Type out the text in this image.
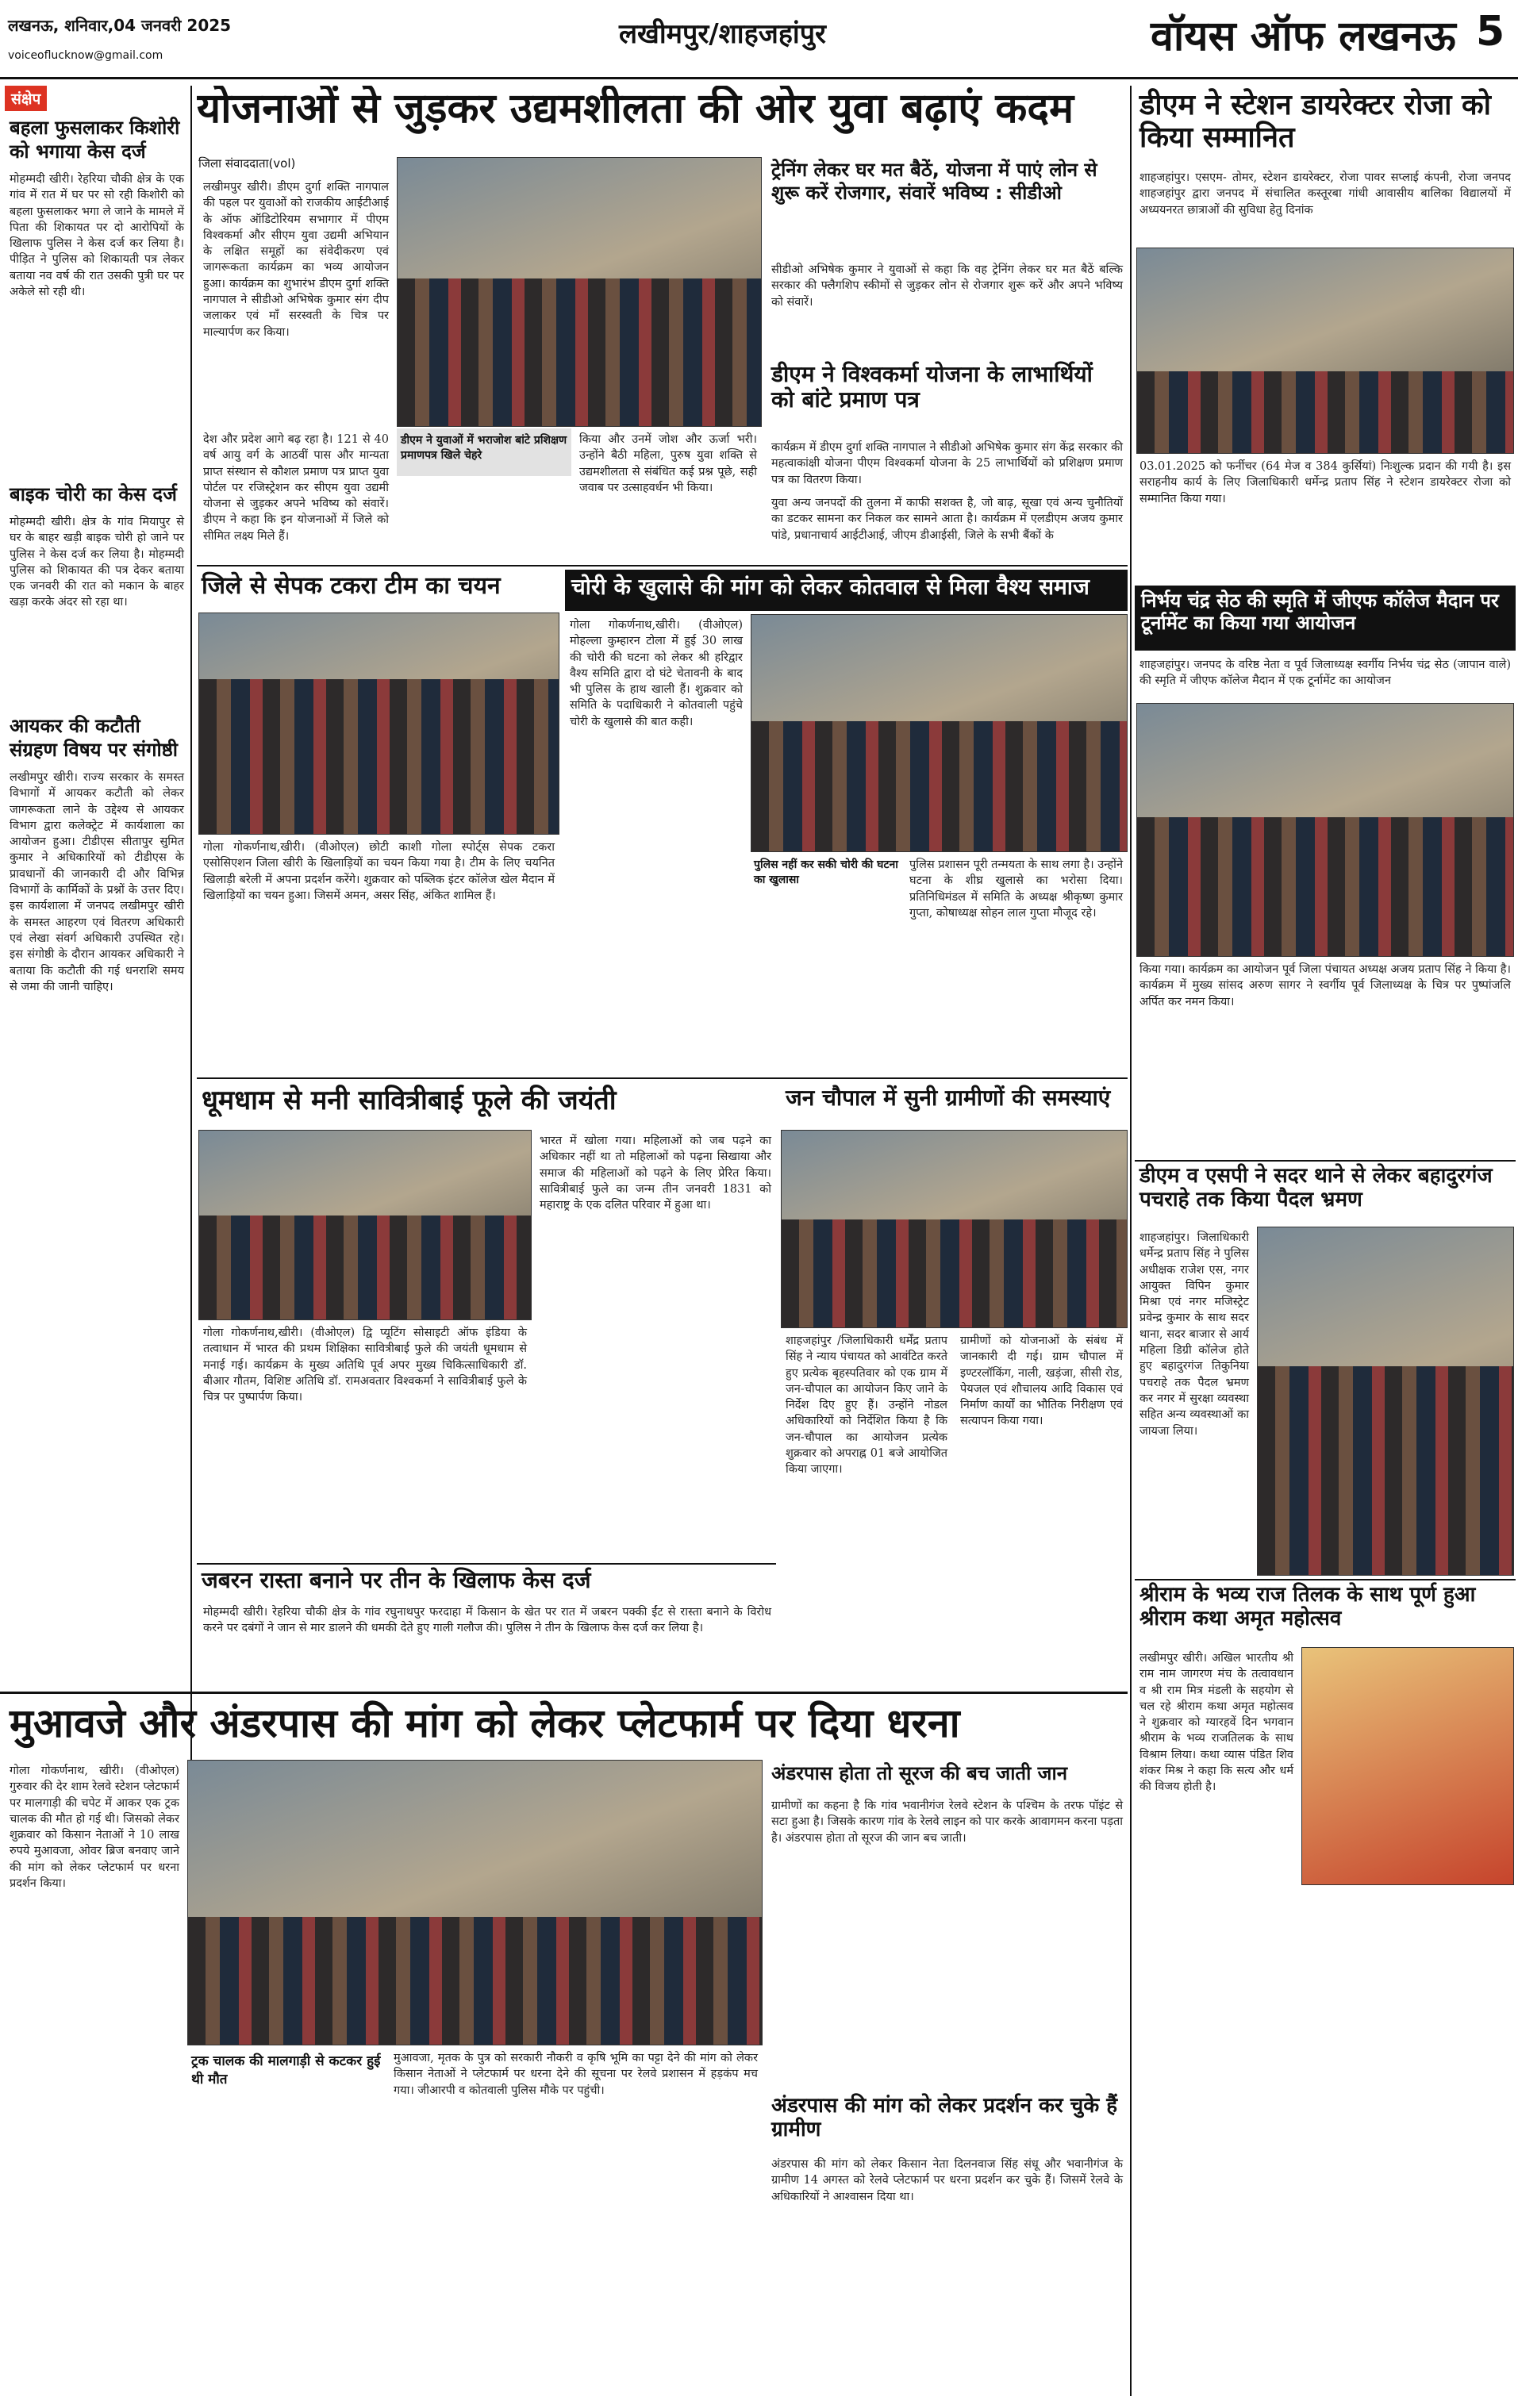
लखनऊ, शनिवार,04 जनवरी 2025
voiceoflucknow@gmail.com
लखीमपुर/शाहजहांपुर	वॉयस ऑफ लखनऊ 5
संक्षेप
बहला फुसलाकर किशोरी को भगाया केस दर्ज
मोहम्मदी खीरी। रेहरिया चौकी क्षेत्र के एक गांव में रात में घर पर सो रही किशोरी को बहला फुसलाकर भगा ले जाने के मामले में पिता की शिकायत पर दो आरोपियों के खिलाफ पुलिस ने केस दर्ज कर लिया है। पीड़ित ने पुलिस को शिकायती पत्र लेकर बताया नव वर्ष की रात उसकी पुत्री घर पर अकेले सो रही थी।
बाइक चोरी का केस दर्ज
मोहम्मदी खीरी। क्षेत्र के गांव मियापुर से घर के बाहर खड़ी बाइक चोरी हो जाने पर पुलिस ने केस दर्ज कर लिया है। मोहम्मदी पुलिस को शिकायत की पत्र देकर बताया एक जनवरी की रात को मकान के बाहर खड़ा करके अंदर सो रहा था।
आयकर की कटौती संग्रहण विषय पर संगोष्ठी
लखीमपुर खीरी। राज्य सरकार के समस्त विभागों में आयकर कटौती को लेकर जागरूकता लाने के उद्देश्य से आयकर विभाग द्वारा कलेक्ट्रेट में कार्यशाला का आयोजन हुआ। टीडीएस सीतापुर सुमित कुमार ने अधिकारियों को टीडीएस के प्रावधानों की जानकारी दी और विभिन्न विभागों के कार्मिकों के प्रश्नों के उत्तर दिए। इस कार्यशाला में जनपद लखीमपुर खीरी के समस्त आहरण एवं वितरण अधिकारी एवं लेखा संवर्ग अधिकारी उपस्थित रहे। इस संगोष्ठी के दौरान आयकर अधिकारी ने बताया कि कटौती की गई धनराशि समय से जमा की जानी चाहिए।
योजनाओं से जुड़कर उद्यमशीलता की ओर युवा बढ़ाएं कदम
जिला संवाददाता(vol)
लखीमपुर खीरी। डीएम दुर्गा शक्ति नागपाल की पहल पर युवाओं को राजकीय आईटीआई के ऑफ ऑडिटोरियम सभागार में पीएम विश्वकर्मा और सीएम युवा उद्यमी अभियान के लक्षित समूहों का संवेदीकरण एवं जागरूकता कार्यक्रम का भव्य आयोजन हुआ। कार्यक्रम का शुभारंभ डीएम दुर्गा शक्ति नागपाल ने सीडीओ अभिषेक कुमार संग दीप जलाकर एवं माँ सरस्वती के चित्र पर माल्यार्पण कर किया।
डीएम ने युवाओं में भराजोश बांटे प्रशिक्षण प्रमाणपत्र खिले चेहरे
किया और उनमें जोश और ऊर्जा भरी। उन्होंने बैठी महिला, पुरुष युवा शक्ति से उद्यमशीलता से संबंधित कई प्रश्न पूछे, सही जवाब पर उत्साहवर्धन भी किया।
देश और प्रदेश आगे बढ़ रहा है। 121 से 40 वर्ष आयु वर्ग के आठवीं पास और मान्यता प्राप्त संस्थान से कौशल प्रमाण पत्र प्राप्त युवा पोर्टल पर रजिस्ट्रेशन कर सीएम युवा उद्यमी योजना से जुड़कर अपने भविष्य को संवारें। डीएम ने कहा कि इन योजनाओं में जिले को सीमित लक्ष्य मिले हैं।
ट्रेनिंग लेकर घर मत बैठें, योजना में पाएं लोन से शुरू करें रोजगार, संवारें भविष्य : सीडीओ
सीडीओ अभिषेक कुमार ने युवाओं से कहा कि वह ट्रेनिंग लेकर घर मत बैठें बल्कि सरकार की फ्लैगशिप स्कीमों से जुड़कर लोन से रोजगार शुरू करें और अपने भविष्य को संवारें।
डीएम ने विश्वकर्मा योजना के लाभार्थियों को बांटे प्रमाण पत्र
कार्यक्रम में डीएम दुर्गा शक्ति नागपाल ने सीडीओ अभिषेक कुमार संग केंद्र सरकार की महत्वाकांक्षी योजना पीएम विश्वकर्मा योजना के 25 लाभार्थियों को प्रशिक्षण प्रमाण पत्र का वितरण किया।
युवा अन्य जनपदों की तुलना में काफी सशक्त है, जो बाढ़, सूखा एवं अन्य चुनौतियों का डटकर सामना कर निकल कर सामने आता है। कार्यक्रम में एलडीएम अजय कुमार पांडे, प्रधानाचार्य आईटीआई, जीएम डीआईसी, जिले के सभी बैंकों के
जिले से सेपक टकरा टीम का चयन
गोला गोकर्णनाथ,खीरी। (वीओएल) छोटी काशी गोला स्पोर्ट्स सेपक टकरा एसोसिएशन जिला खीरी के खिलाड़ियों का चयन किया गया है। टीम के लिए चयनित खिलाड़ी बरेली में अपना प्रदर्शन करेंगे। शुक्रवार को पब्लिक इंटर कॉलेज खेल मैदान में खिलाड़ियों का चयन हुआ। जिसमें अमन, असर सिंह, अंकित शामिल हैं।
चोरी के खुलासे की मांग को लेकर कोतवाल से मिला वैश्य समाज
गोला गोकर्णनाथ,खीरी। (वीओएल) मोहल्ला कुम्हारन टोला में हुई 30 लाख की चोरी की घटना को लेकर श्री हरिद्वार वैश्य समिति द्वारा दो घंटे चेतावनी के बाद भी पुलिस के हाथ खाली हैं। शुक्रवार को समिति के पदाधिकारी ने कोतवाली पहुंचे चोरी के खुलासे की बात कही।
पुलिस नहीं कर सकी चोरी की घटना का खुलासा
पुलिस प्रशासन पूरी तन्मयता के साथ लगा है। उन्होंने घटना के शीघ्र खुलासे का भरोसा दिया। प्रतिनिधिमंडल में समिति के अध्यक्ष श्रीकृष्ण कुमार गुप्ता, कोषाध्यक्ष सोहन लाल गुप्ता मौजूद रहे।
धूमधाम से मनी सावित्रीबाई फूले की जयंती
गोला गोकर्णनाथ,खीरी। (वीओएल) द्वि प्यूटिंग सोसाइटी ऑफ इंडिया के तत्वाधान में भारत की प्रथम शिक्षिका सावित्रीबाई फुले की जयंती धूमधाम से मनाई गई। कार्यक्रम के मुख्य अतिथि पूर्व अपर मुख्य चिकित्साधिकारी डॉ. बीआर गौतम, विशिष्ट अतिथि डॉ. रामअवतार विश्वकर्मा ने सावित्रीबाई फुले के चित्र पर पुष्पार्पण किया।
भारत में खोला गया। महिलाओं को जब पढ़ने का अधिकार नहीं था तो महिलाओं को पढ़ना सिखाया और समाज की महिलाओं को पढ़ने के लिए प्रेरित किया। सावित्रीबाई फुले का जन्म तीन जनवरी 1831 को महाराष्ट्र के एक दलित परिवार में हुआ था।
जबरन रास्ता बनाने पर तीन के खिलाफ केस दर्ज
मोहम्मदी खीरी। रेहरिया चौकी क्षेत्र के गांव रघुनाथपुर फरदाहा में किसान के खेत पर रात में जबरन पक्की ईंट से रास्ता बनाने के विरोध करने पर दबंगों ने जान से मार डालने की धमकी देते हुए गाली गलौज की। पुलिस ने तीन के खिलाफ केस दर्ज कर लिया है।
जन चौपाल में सुनी ग्रामीणों की समस्याएं
शाहजहांपुर /जिलाधिकारी धर्मेंद्र प्रताप सिंह ने न्याय पंचायत को आवंटित करते हुए प्रत्येक बृहस्पतिवार को एक ग्राम में जन-चौपाल का आयोजन किए जाने के निर्देश दिए हुए हैं। उन्होंने नोडल अधिकारियों को निर्देशित किया है कि जन-चौपाल का आयोजन प्रत्येक शुक्रवार को अपराह्न 01 बजे आयोजित किया जाएगा।
ग्रामीणों को योजनाओं के संबंध में जानकारी दी गई। ग्राम चौपाल में इण्टरलॉकिंग, नाली, खड़ंजा, सीसी रोड, पेयजल एवं शौचालय आदि विकास एवं निर्माण कार्यों का भौतिक निरीक्षण एवं सत्यापन किया गया।
मुआवजे और अंडरपास की मांग को लेकर प्लेटफार्म पर दिया धरना
गोला गोकर्णनाथ, खीरी। (वीओएल) गुरुवार की देर शाम रेलवे स्टेशन प्लेटफार्म पर मालगाड़ी की चपेट में आकर एक ट्रक चालक की मौत हो गई थी। जिसको लेकर शुक्रवार को किसान नेताओं ने 10 लाख रुपये मुआवजा, ओवर ब्रिज बनवाए जाने की मांग को लेकर प्लेटफार्म पर धरना प्रदर्शन किया।
ट्रक चालक की मालगाड़ी से कटकर हुई थी मौत
मुआवजा, मृतक के पुत्र को सरकारी नौकरी व कृषि भूमि का पट्टा देने की मांग को लेकर किसान नेताओं ने प्लेटफार्म पर धरना देने की सूचना पर रेलवे प्रशासन में हड़कंप मच गया। जीआरपी व कोतवाली पुलिस मौके पर पहुंची।
अंडरपास होता तो सूरज की बच जाती जान
ग्रामीणों का कहना है कि गांव भवानीगंज रेलवे स्टेशन के पश्चिम के तरफ पॉइंट से सटा हुआ है। जिसके कारण गांव के रेलवे लाइन को पार करके आवागमन करना पड़ता है। अंडरपास होता तो सूरज की जान बच जाती।
अंडरपास की मांग को लेकर प्रदर्शन कर चुके हैं ग्रामीण
अंडरपास की मांग को लेकर किसान नेता दिलनवाज सिंह संधू और भवानीगंज के ग्रामीण 14 अगस्त को रेलवे प्लेटफार्म पर धरना प्रदर्शन कर चुके हैं। जिसमें रेलवे के अधिकारियों ने आश्वासन दिया था।
डीएम ने स्टेशन डायरेक्टर रोजा को किया सम्मानित
शाहजहांपुर। एसएम- तोमर, स्टेशन डायरेक्टर, रोजा पावर सप्लाई कंपनी, रोजा जनपद शाहजहांपुर द्वारा जनपद में संचालित कस्तूरबा गांधी आवासीय बालिका विद्यालयों में अध्ययनरत छात्राओं की सुविधा हेतु दिनांक
03.01.2025 को फर्नीचर (64 मेज व 384 कुर्सियां) निःशुल्क प्रदान की गयी है। इस सराहनीय कार्य के लिए जिलाधिकारी धर्मेन्द्र प्रताप सिंह ने स्टेशन डायरेक्टर रोजा को सम्मानित किया गया।
निर्भय चंद्र सेठ की स्मृति में जीएफ कॉलेज मैदान पर टूर्नामेंट का किया गया आयोजन
शाहजहांपुर। जनपद के वरिष्ठ नेता व पूर्व जिलाध्यक्ष स्वर्गीय निर्भय चंद्र सेठ (जापान वाले) की स्मृति में जीएफ कॉलेज मैदान में एक टूर्नामेंट का आयोजन
किया गया। कार्यक्रम का आयोजन पूर्व जिला पंचायत अध्यक्ष अजय प्रताप सिंह ने किया है। कार्यक्रम में मुख्य सांसद अरुण सागर ने स्वर्गीय पूर्व जिलाध्यक्ष के चित्र पर पुष्पांजलि अर्पित कर नमन किया।
डीएम व एसपी ने सदर थाने से लेकर बहादुरगंज पचराहे तक किया पैदल भ्रमण
शाहजहांपुर। जिलाधिकारी धर्मेन्द्र प्रताप सिंह ने पुलिस अधीक्षक राजेश एस, नगर आयुक्त विपिन कुमार मिश्रा एवं नगर मजिस्ट्रेट प्रवेन्द्र कुमार के साथ सदर थाना, सदर बाजार से आर्य महिला डिग्री कॉलेज होते हुए बहादुरगंज तिकुनिया पचराहे तक पैदल भ्रमण कर नगर में सुरक्षा व्यवस्था सहित अन्य व्यवस्थाओं का जायजा लिया।
श्रीराम के भव्य राज तिलक के साथ पूर्ण हुआ श्रीराम कथा अमृत महोत्सव
लखीमपुर खीरी। अखिल भारतीय श्री राम नाम जागरण मंच के तत्वावधान व श्री राम मित्र मंडली के सहयोग से चल रहे श्रीराम कथा अमृत महोत्सव ने शुक्रवार को ग्यारहवें दिन भगवान श्रीराम के भव्य राजतिलक के साथ विश्राम लिया। कथा व्यास पंडित शिव शंकर मिश्र ने कहा कि सत्य और धर्म की विजय होती है।
